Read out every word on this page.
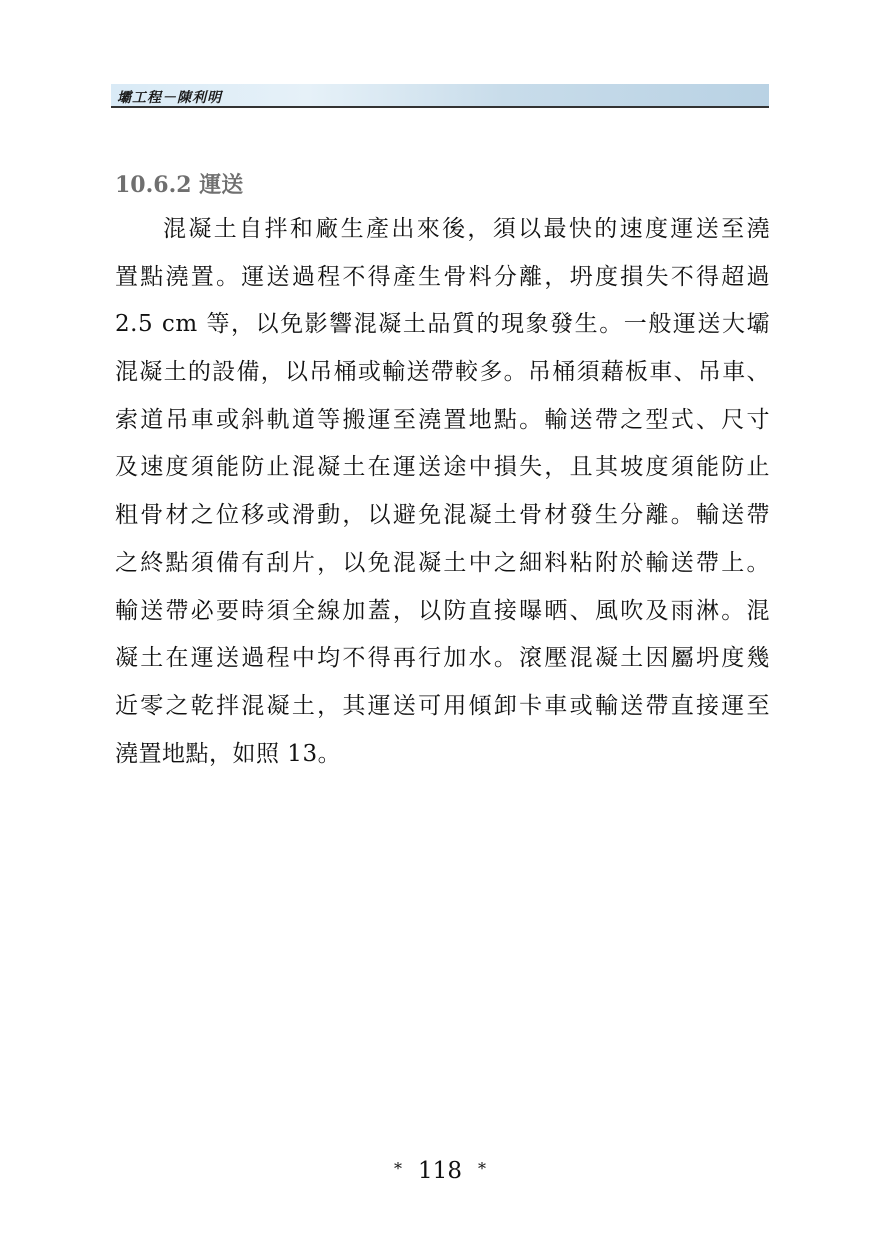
壩工程－陳利明
10.6.2 運送
混凝土自拌和廠生產出來後，須以最快的速度運送至澆
置點澆置。運送過程不得產生骨料分離，坍度損失不得超過
2.5 cm 等，以免影響混凝土品質的現象發生。一般運送大壩
混凝土的設備，以吊桶或輸送帶較多。吊桶須藉板車、吊車、
索道吊車或斜軌道等搬運至澆置地點。輸送帶之型式、尺寸
及速度須能防止混凝土在運送途中損失，且其坡度須能防止
粗骨材之位移或滑動，以避免混凝土骨材發生分離。輸送帶
之終點須備有刮片，以免混凝土中之細料粘附於輸送帶上。
輸送帶必要時須全線加蓋，以防直接曝晒、風吹及雨淋。混
凝土在運送過程中均不得再行加水。滾壓混凝土因屬坍度幾
近零之乾拌混凝土，其運送可用傾卸卡車或輸送帶直接運至
澆置地點，如照 13。
* 118 *
